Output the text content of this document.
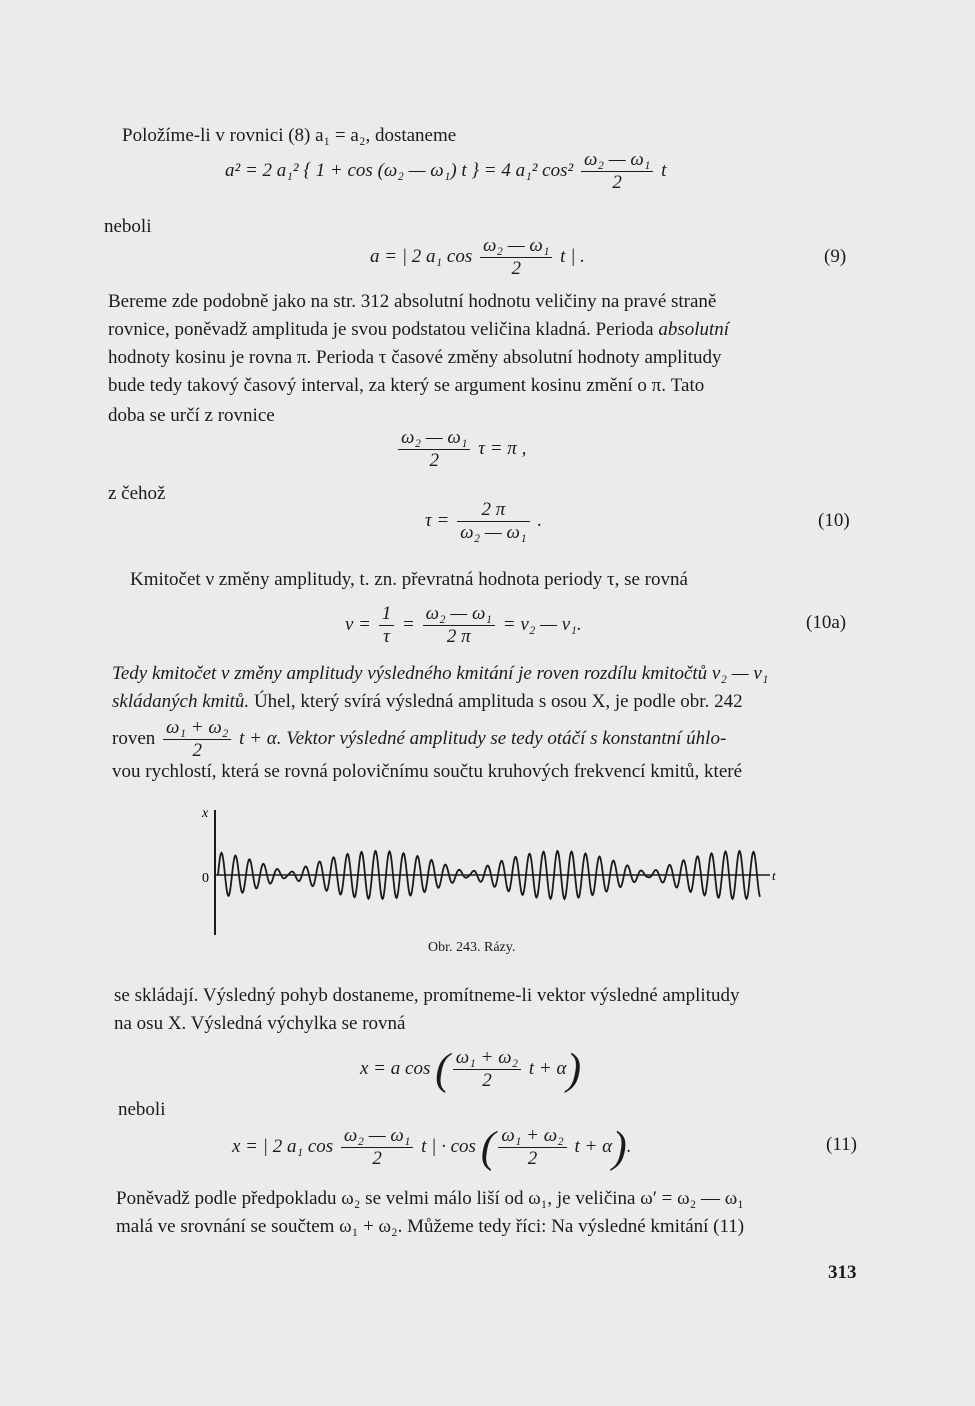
Položíme-li v rovnici (8) a₁ = a₂, dostaneme
a² = 2 a₁² { 1 + cos (ω₂ — ω₁) t } = 4 a₁² $\cos^2 \frac{\text{ω₂ — ω₁}}{2}$ t
neboli
a = | 2 a₁ $\cos \frac{\text{ω₂ — ω₁}}{2}$ t | .	(9)
Bereme zde podobně jako na str. 312 absolutní hodnotu veličiny na pravé straně
rovnice, poněvadž amplituda je svou podstatou veličina kladná. Perioda absolutní
hodnoty kosinu je rovna π. Perioda τ časové změny absolutní hodnoty amplitudy
bude tedy takový časový interval, za který se argument kosinu změní o π. Tato
doba se určí z rovnice
$\frac{\text{ω₂ — ω₁}}{2}$ τ = π ,
z čehož
$\tau = \frac{2 \pi}{\text{ω₂ — ω₁}}$ .	(10)
Kmitočet ν změny amplitudy, t. zn. převratná hodnota periody τ, se rovná
$\nu = \frac{1}{\tau} = \frac{\text{ω₂ — ω₁}}{2 \pi} = \nu_2$ — ν₁.	(10a)
Tedy kmitočet ν změny amplitudy výsledného kmitání je roven rozdílu kmitočtů ν₂ — ν₁
skládaných kmitů. Úhel, který svírá výsledná amplituda s osou X, je podle obr. 242
roven $\frac{\text{ω₁ + ω₂}}{2}$ t + α. Vektor výsledné amplitudy se tedy otáčí s konstantní úhlo-
vou rychlostí, která se rovná polovičnímu součtu kruhových frekvencí kmitů, které
x
0	t
Obr. 243. Rázy.
se skládají. Výsledný pohyb dostaneme, promítneme-li vektor výsledné amplitudy
na osu X. Výsledná výchylka se rovná
x = a cos ( $\frac{\text{ω₁ + ω₂}}{2}$ t + α)
neboli
x = | 2 a₁ $\cos \frac{\text{ω₂ — ω₁}}{2}$ t | · cos ( $\frac{\text{ω₁ + ω₂}}{2}$ t + α).	(11)
Poněvadž podle předpokladu ω₂ se velmi málo liší od ω₁, je veličina ω′ = ω₂ — ω₁
malá ve srovnání se součtem ω₁ + ω₂. Můžeme tedy říci: Na výsledné kmitání (11)
313
